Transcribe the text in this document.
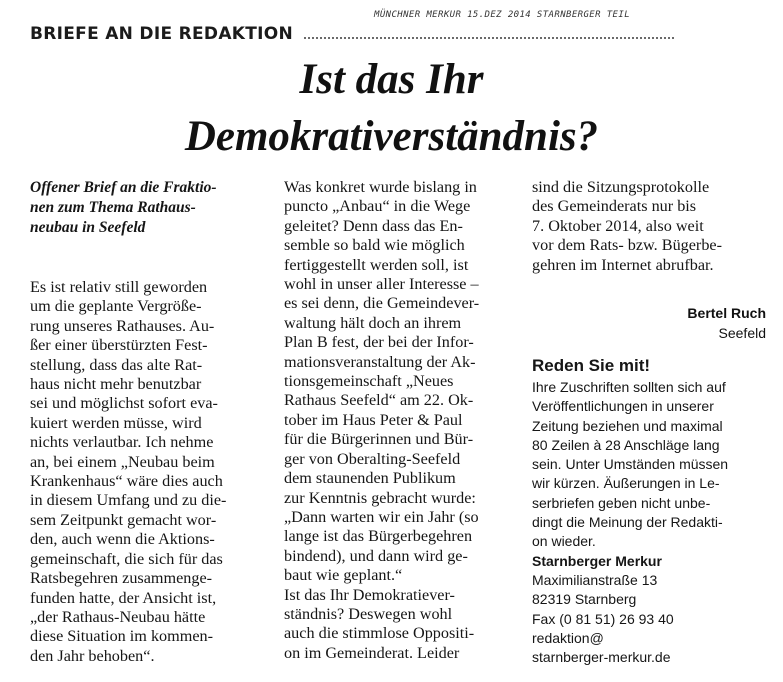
BRIEFE AN DIE REDAKTION
MÜNCHNER MERKUR 15.DEZ 2014 STARNBERGER TEIL
Ist das Ihr
Demokrativerständnis?
Offener Brief an die Fraktio-
nen zum Thema Rathaus-
neubau in Seefeld
Es ist relativ still geworden
um die geplante Vergröße-
rung unseres Rathauses. Au-
ßer einer überstürzten Fest-
stellung, dass das alte Rat-
haus nicht mehr benutzbar
sei und möglichst sofort eva-
kuiert werden müsse, wird
nichts verlautbar. Ich nehme
an, bei einem „Neubau beim
Krankenhaus“ wäre dies auch
in diesem Umfang und zu die-
sem Zeitpunkt gemacht wor-
den, auch wenn die Aktions-
gemeinschaft, die sich für das
Ratsbegehren zusammenge-
funden hatte, der Ansicht ist,
„der Rathaus-Neubau hätte
diese Situation im kommen-
den Jahr behoben“.
Was konkret wurde bislang in
puncto „Anbau“ in die Wege
geleitet? Denn dass das En-
semble so bald wie möglich
fertiggestellt werden soll, ist
wohl in unser aller Interesse –
es sei denn, die Gemeindever-
waltung hält doch an ihrem
Plan B fest, der bei der Infor-
mationsveranstaltung der Ak-
tionsgemeinschaft „Neues
Rathaus Seefeld“ am 22. Ok-
tober im Haus Peter & Paul
für die Bürgerinnen und Bür-
ger von Oberalting-Seefeld
dem staunenden Publikum
zur Kenntnis gebracht wurde:
„Dann warten wir ein Jahr (so
lange ist das Bürgerbegehren
bindend), und dann wird ge-
baut wie geplant.“
Ist das Ihr Demokratiever-
ständnis? Deswegen wohl
auch die stimmlose Oppositi-
on im Gemeinderat. Leider
sind die Sitzungsprotokolle
des Gemeinderats nur bis
7. Oktober 2014, also weit
vor dem Rats- bzw. Bügerbe-
gehren im Internet abrufbar.
Bertel Ruch
Seefeld
Reden Sie mit!
Ihre Zuschriften sollten sich auf
Veröffentlichungen in unserer
Zeitung beziehen und maximal
80 Zeilen à 28 Anschläge lang
sein. Unter Umständen müssen
wir kürzen. Äußerungen in Le-
serbriefen geben nicht unbe-
dingt die Meinung der Redakti-
on wieder.
Starnberger Merkur
Maximilianstraße 13
82319 Starnberg
Fax (0 81 51) 26 93 40
redaktion@
starnberger-merkur.de
